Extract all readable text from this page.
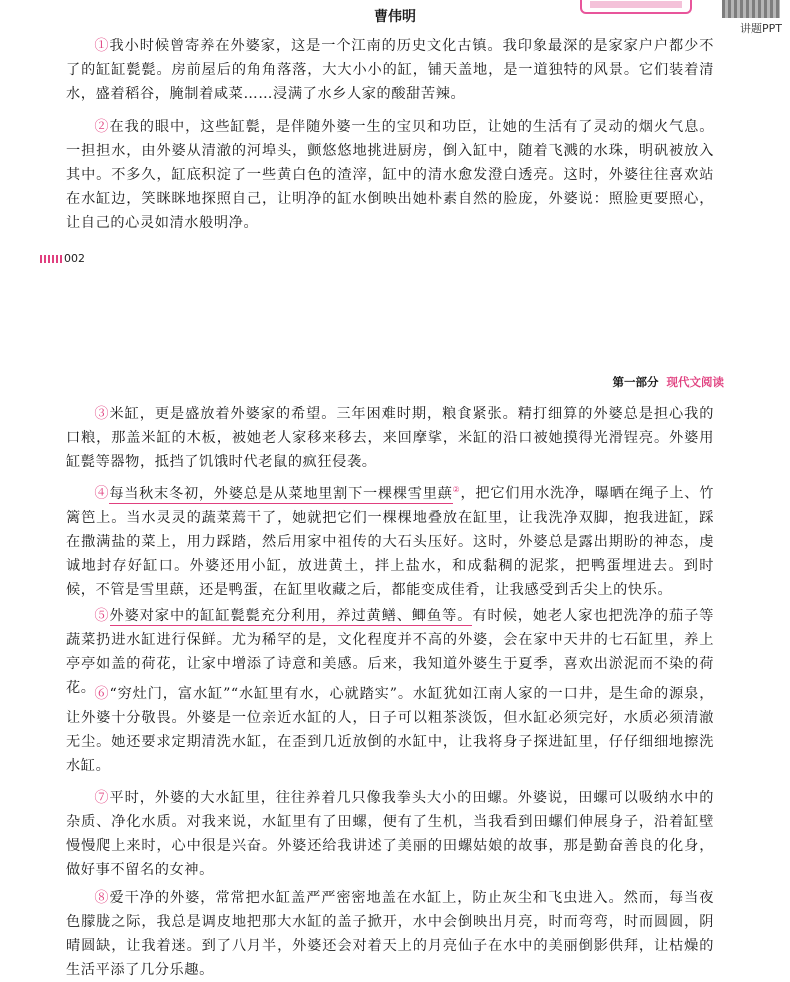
讲题PPT
曹伟明

①我小时候曾寄养在外婆家，这是一个江南的历史文化古镇。我印象最深的是家家户户都少不了的缸缸甏甏。房前屋后的角角落落，大大小小的缸，铺天盖地，是一道独特的风景。它们装着清水，盛着稻谷，腌制着咸菜……浸满了水乡人家的酸甜苦辣。

②在我的眼中，这些缸甏，是伴随外婆一生的宝贝和功臣，让她的生活有了灵动的烟火气息。一担担水，由外婆从清澈的河埠头，颤悠悠地挑进厨房，倒入缸中，随着飞溅的水珠，明矾被放入其中。不多久，缸底积淀了一些黄白色的渣滓，缸中的清水愈发澄白透亮。这时，外婆往往喜欢站在水缸边，笑眯眯地探照自己，让明净的缸水倒映出她朴素自然的脸庞，外婆说：照脸更要照心，让自己的心灵如清水般明净。

002
第一部分 现代文阅读

③米缸，更是盛放着外婆家的希望。三年困难时期，粮食紧张。精打细算的外婆总是担心我的口粮，那盖米缸的木板，被她老人家移来移去，来回摩挲，米缸的沿口被她摸得光滑锃亮。外婆用缸甏等器物，抵挡了饥饿时代老鼠的疯狂侵袭。

④每当秋末冬初，外婆总是从菜地里割下一棵棵雪里蕻②，把它们用水洗净，曝晒在绳子上、竹篱笆上。当水灵灵的蔬菜蔫干了，她就把它们一棵棵地叠放在缸里，让我洗净双脚，抱我进缸，踩在撒满盐的菜上，用力踩踏，然后用家中祖传的大石头压好。这时，外婆总是露出期盼的神态，虔诚地封存好缸口。外婆还用小缸，放进黄土，拌上盐水，和成黏稠的泥浆，把鸭蛋埋进去。到时候，不管是雪里蕻，还是鸭蛋，在缸里收藏之后，都能变成佳肴，让我感受到舌尖上的快乐。

⑤外婆对家中的缸缸甏甏充分利用，养过黄鳝、鲫鱼等。有时候，她老人家也把洗净的茄子等蔬菜扔进水缸进行保鲜。尤为稀罕的是，文化程度并不高的外婆，会在家中天井的七石缸里，养上亭亭如盖的荷花，让家中增添了诗意和美感。后来，我知道外婆生于夏季，喜欢出淤泥而不染的荷花。

⑥“穷灶门，富水缸”“水缸里有水，心就踏实”。水缸犹如江南人家的一口井，是生命的源泉，让外婆十分敬畏。外婆是一位亲近水缸的人，日子可以粗茶淡饭，但水缸必须完好，水质必须清澈无尘。她还要求定期清洗水缸，在歪到几近放倒的水缸中，让我将身子探进缸里，仔仔细细地擦洗水缸。

⑦平时，外婆的大水缸里，往往养着几只像我拳头大小的田螺。外婆说，田螺可以吸纳水中的杂质、净化水质。对我来说，水缸里有了田螺，便有了生机，当我看到田螺们伸展身子，沿着缸壁慢慢爬上来时，心中很是兴奋。外婆还给我讲述了美丽的田螺姑娘的故事，那是勤奋善良的化身，做好事不留名的女神。

⑧爱干净的外婆，常常把水缸盖严严密密地盖在水缸上，防止灰尘和飞虫进入。然而，每当夜色朦胧之际，我总是调皮地把那大水缸的盖子掀开，水中会倒映出月亮，时而弯弯，时而圆圆，阴晴圆缺，让我着迷。到了八月半，外婆还会对着天上的月亮仙子在水中的美丽倒影供拜，让枯燥的生活平添了几分乐趣。
